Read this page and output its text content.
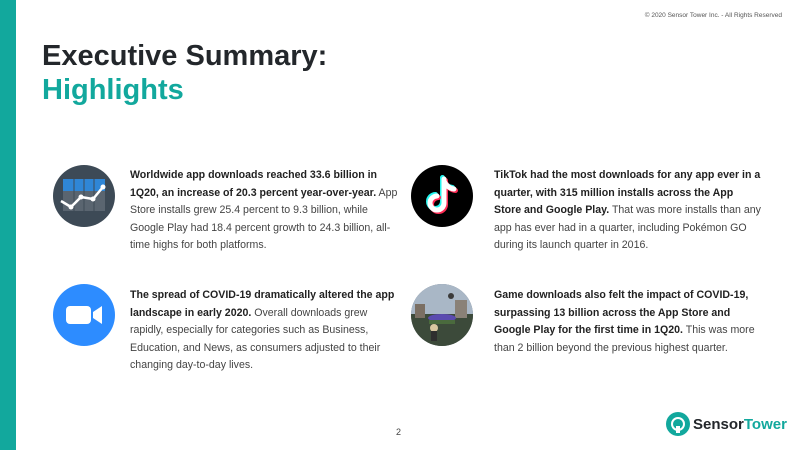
© 2020 Sensor Tower Inc. - All Rights Reserved
Executive Summary:
Highlights
Worldwide app downloads reached 33.6 billion in 1Q20, an increase of 20.3 percent year-over-year. App Store installs grew 25.4 percent to 9.3 billion, while Google Play had 18.4 percent growth to 24.3 billion, all-time highs for both platforms.
TikTok had the most downloads for any app ever in a quarter, with 315 million installs across the App Store and Google Play. That was more installs than any app has ever had in a quarter, including Pokémon GO during its launch quarter in 2016.
The spread of COVID-19 dramatically altered the app landscape in early 2020. Overall downloads grew rapidly, especially for categories such as Business, Education, and News, as consumers adjusted to their changing day-to-day lives.
Game downloads also felt the impact of COVID-19, surpassing 13 billion across the App Store and Google Play for the first time in 1Q20. This was more than 2 billion beyond the previous highest quarter.
2	SensorTower
